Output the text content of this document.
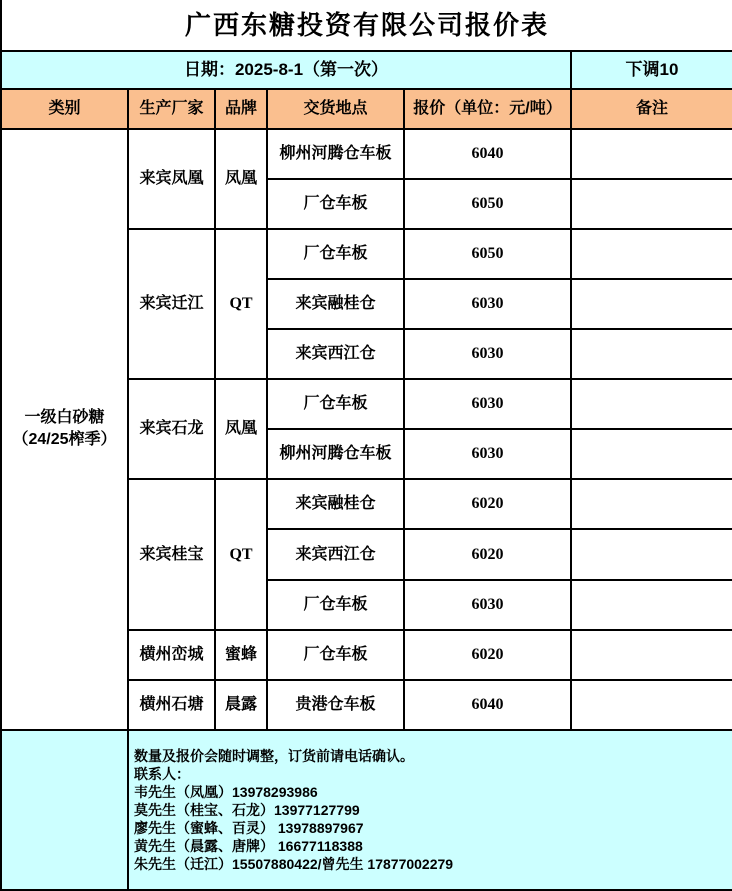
广西东糖投资有限公司报价表					
日期：2025-8-1（第一次）					下调10
类别	生产厂家	品牌	交货地点	报价（单位：元/吨）	备注

一级白砂糖
（24/25榨季）	来宾凤凰	凤凰	柳州河腾仓车板	6040	
			厂仓车板	6050	
	来宾迁江	QT	厂仓车板	6050	
			来宾融桂仓	6030	
			来宾西江仓	6030	
	来宾石龙	凤凰	厂仓车板	6030	
			柳州河腾仓车板	6030	
	来宾桂宝	QT	来宾融桂仓	6020	
			来宾西江仓	6020	
			厂仓车板	6030	
	横州峦城	蜜蜂	厂仓车板	6020	
	横州石塘	晨露	贵港仓车板	6040	

数量及报价会随时调整，订货前请电话确认。
联系人：
韦先生（凤凰）13978293986
莫先生（桂宝、石龙）13977127799
廖先生（蜜蜂、百灵） 13978897967
黄先生（晨露、唐牌） 16677118388
朱先生（迁江）15507880422/曾先生 17877002279
